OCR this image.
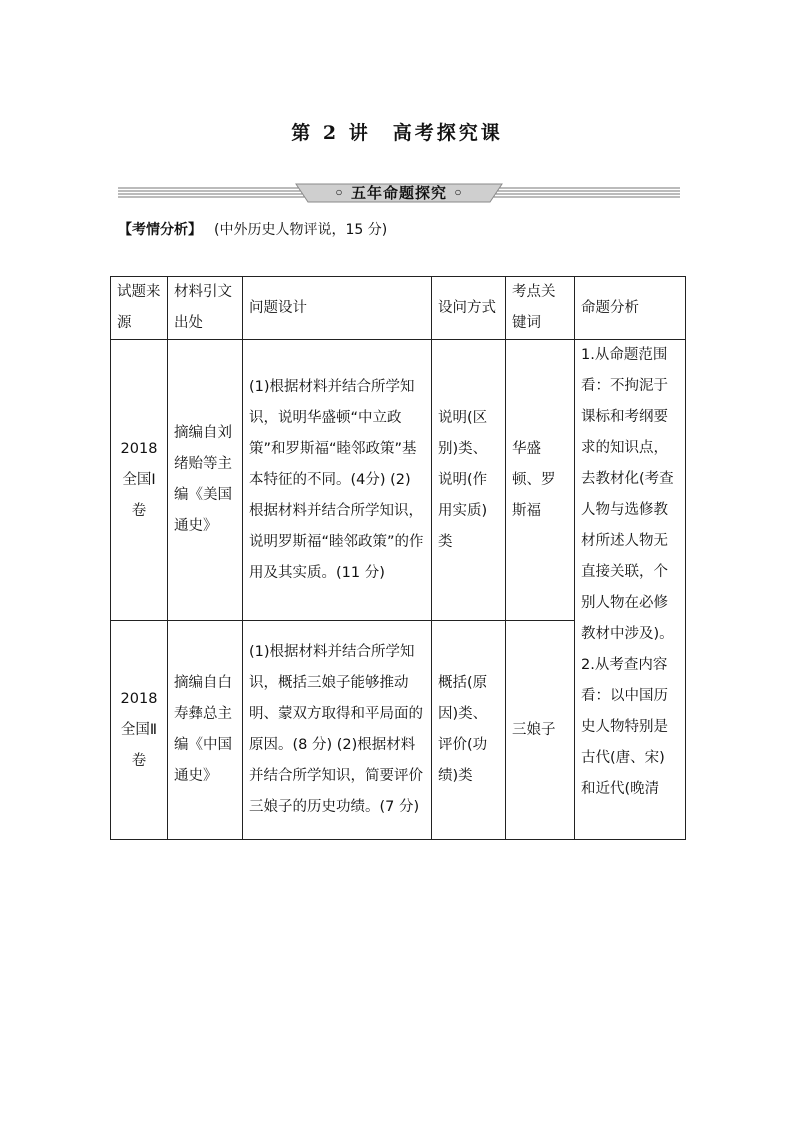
第 2 讲　高考探究课
◦ 五年命题探究 ◦
【考情分析】 (中外历史人物评说，15 分)
试题来源	材料引文出处	问题设计	设问方式	考点关键词	命题分析
2018 全国Ⅰ卷	摘编自刘绪贻等主编《美国通史》	(1)根据材料并结合所学知识，说明华盛顿“中立政策”和罗斯福“睦邻政策”基本特征的不同。(4分) (2)根据材料并结合所学知识，说明罗斯福“睦邻政策”的作用及其实质。(11 分)	说明(区别)类、说明(作用实质)类	华盛顿、罗斯福	1.从命题范围看：不拘泥于课标和考纲要求的知识点，去教材化(考查人物与选修教材所述人物无直接关联，个别人物在必修教材中涉及)。2.从考查内容看：以中国历史人物特别是古代(唐、宋)和近代(晚清
2018 全国Ⅱ卷	摘编自白寿彝总主编《中国通史》	(1)根据材料并结合所学知识，概括三娘子能够推动明、蒙双方取得和平局面的原因。(8 分) (2)根据材料并结合所学知识，简要评价三娘子的历史功绩。(7 分)	概括(原因)类、评价(功绩)类	三娘子	
